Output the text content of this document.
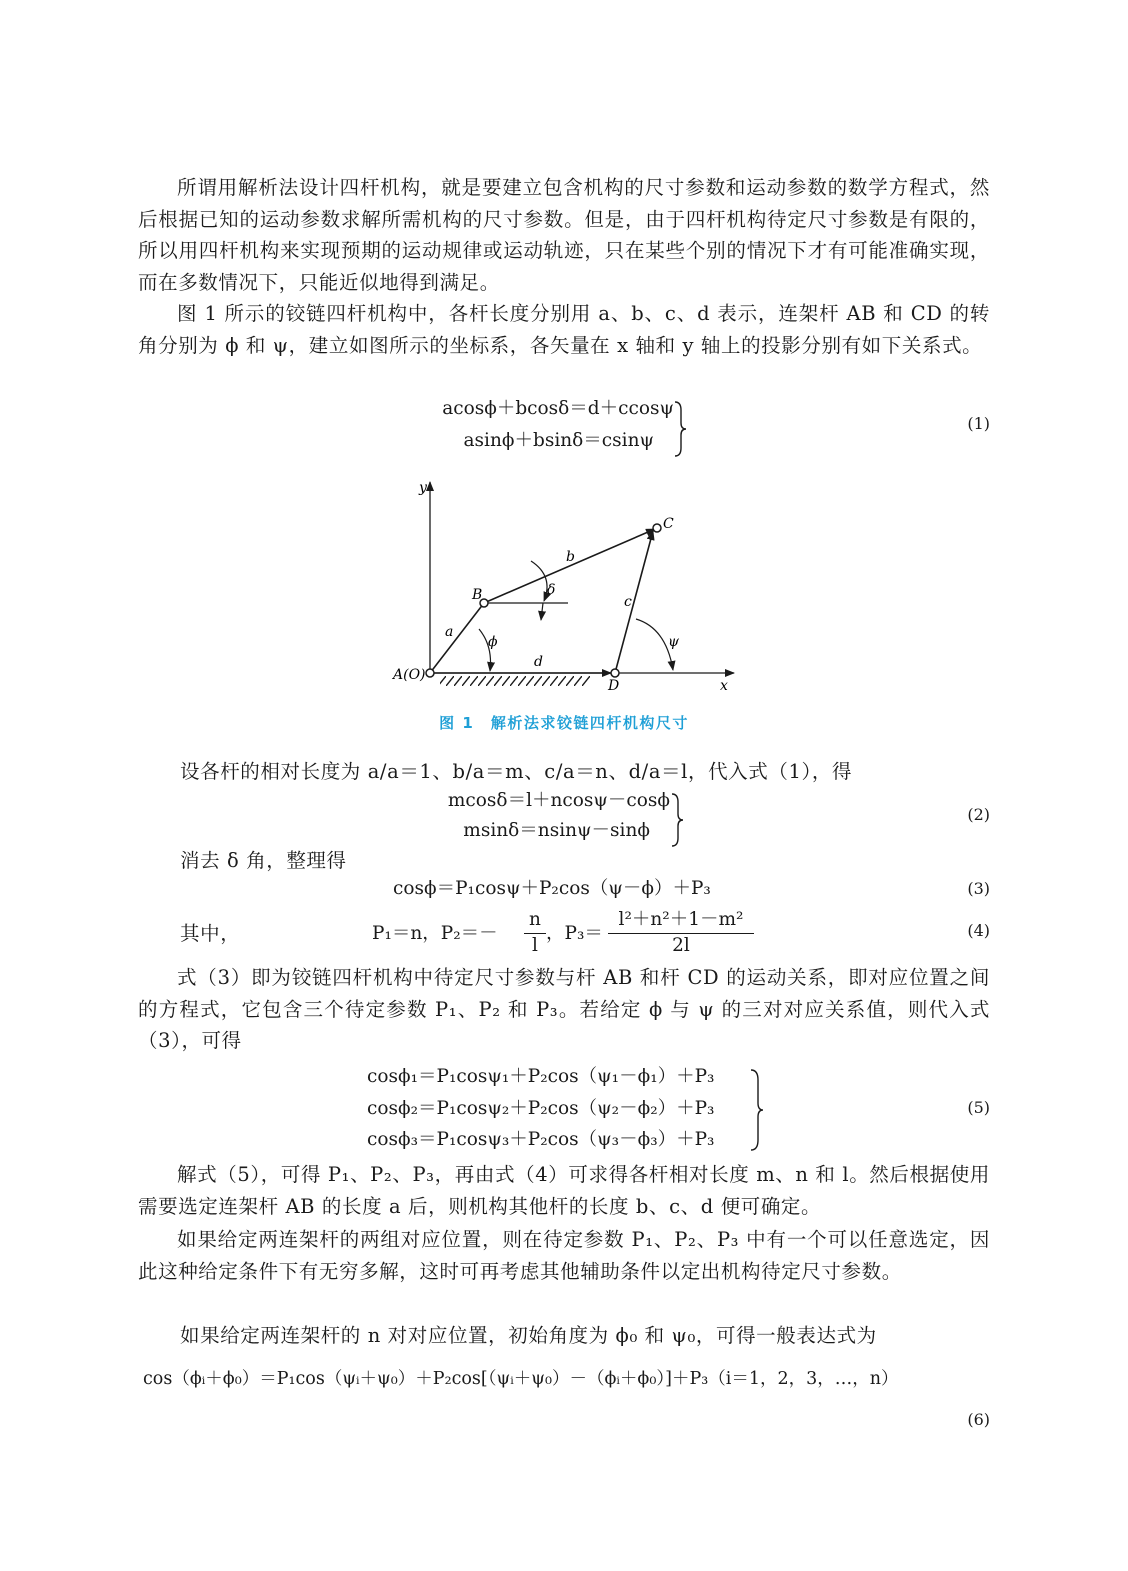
所谓用解析法设计四杆机构，就是要建立包含机构的尺寸参数和运动参数的数学方程式，然后根据已知的运动参数求解所需机构的尺寸参数。但是，由于四杆机构待定尺寸参数是有限的，所以用四杆机构来实现预期的运动规律或运动轨迹，只在某些个别的情况下才有可能准确实现，而在多数情况下，只能近似地得到满足。

图 1 所示的铰链四杆机构中，各杆长度分别用 a、b、c、d 表示，连架杆 AB 和 CD 的转角分别为 ϕ 和 ψ，建立如图所示的坐标系，各矢量在 x 轴和 y 轴上的投影分别有如下关系式。

acosϕ＋bcosδ＝d＋ccosψ
asinϕ＋bsinδ＝csinψ
(1)
y
x
A(O)
B
C
D
a
b
c
d
δ
ϕ	ψ
图 1　解析法求铰链四杆机构尺寸

设各杆的相对长度为 a/a＝1、b/a＝m、c/a＝n、d/a＝l，代入式（1），得

mcosδ＝l＋ncosψ－cosϕ
msinδ＝nsinψ－sinϕ
(2)

消去 δ 角，整理得

cosϕ＝P₁cosψ＋P₂cos（ψ－ϕ）＋P₃	(3)

其中，	P₁＝n，$P_2=- \frac{n}{l}$ ，$P_3= \frac{\text{l²＋n²＋1－m²}}{2l}$	(4)

式（3）即为铰链四杆机构中待定尺寸参数与杆 AB 和杆 CD 的运动关系，即对应位置之间的方程式，它包含三个待定参数 P₁、P₂ 和 P₃。若给定 ϕ 与 ψ 的三对对应关系值，则代入式（3），可得

cosϕ₁＝P₁cosψ₁＋P₂cos（ψ₁－ϕ₁）＋P₃
cosϕ₂＝P₁cosψ₂＋P₂cos（ψ₂－ϕ₂）＋P₃
cosϕ₃＝P₁cosψ₃＋P₂cos（ψ₃－ϕ₃）＋P₃
(5)

解式（5），可得 P₁、P₂、P₃，再由式（4）可求得各杆相对长度 m、n 和 l。然后根据使用需要选定连架杆 AB 的长度 a 后，则机构其他杆的长度 b、c、d 便可确定。

如果给定两连架杆的两组对应位置，则在待定参数 P₁、P₂、P₃ 中有一个可以任意选定，因此这种给定条件下有无穷多解，这时可再考虑其他辅助条件以定出机构待定尺寸参数。

如果给定两连架杆的 n 对对应位置，初始角度为 ϕ₀ 和 ψ₀，可得一般表达式为

cos（ϕᵢ＋ϕ₀）＝P₁cos（ψᵢ＋ψ₀）＋P₂cos[（ψᵢ＋ψ₀）－（ϕᵢ＋ϕ₀）]＋P₃（i＝1，2，3，…，n）
(6)
